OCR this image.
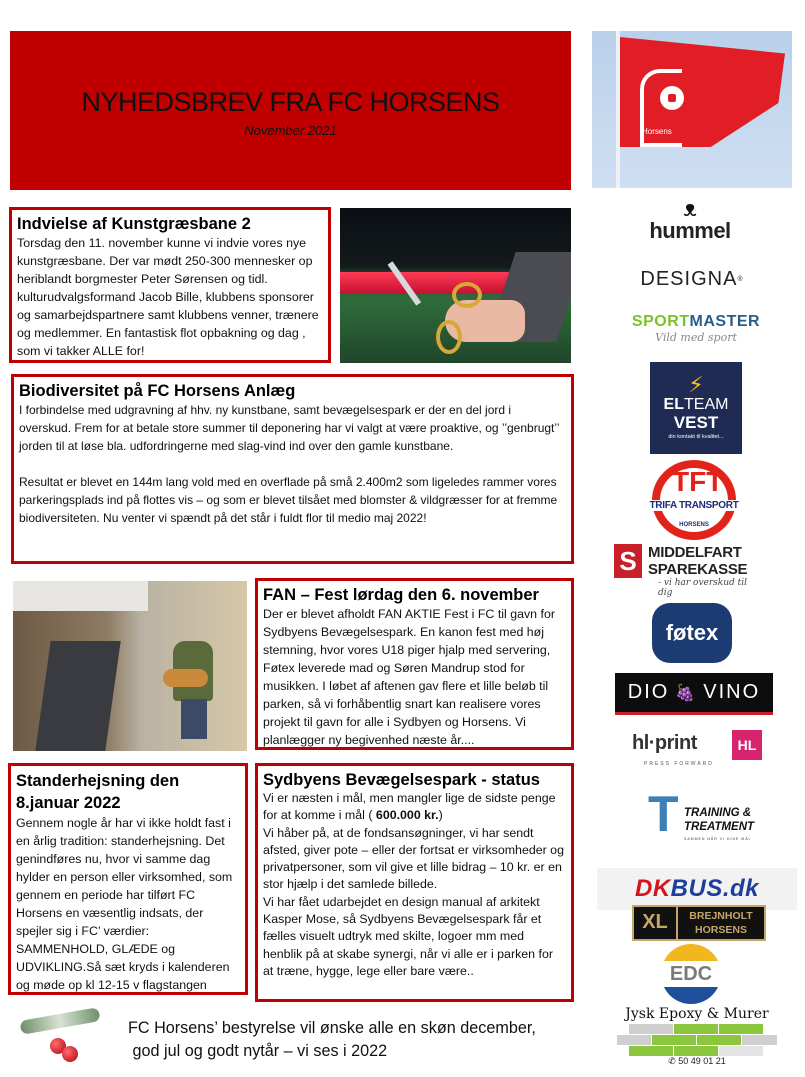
NYHEDSBREV FRA FC HORSENS
November 2021
Indvielse af Kunstgræsbane 2

Torsdag den 11. november kunne vi indvie vores nye kunstgræsbane. Der var mødt 250-300 mennesker op heriblandt borgmester Peter Sørensen og tidl. kulturudvalgsformand Jacob Bille, klubbens sponsorer og samarbejdspartnere samt klubbens venner, trænere og medlemmer. En fantastisk flot opbakning og dag , som vi takker ALLE for!

Biodiversitet på FC Horsens Anlæg

I forbindelse med udgravning af hhv. ny kunstbane, samt bevægelsespark er der en del jord i overskud. Frem for at betale store summer til deponering har vi valgt at være proaktive, og ’’genbrugt’’ jorden til at løse bla. udfordringerne med slag-vind ind over den gamle kunstbane.

Resultat er blevet en 144m lang vold med en overflade på små 2.400m2 som ligeledes rammer vores parkeringsplads ind på flottes vis – og som er blevet tilsået med blomster & vildgræsser for at fremme biodiversiteten. Nu venter vi spændt på det står i fuldt flor til medio maj 2022!

FAN – Fest lørdag den 6. november

Der er blevet afholdt FAN AKTIE Fest i FC til gavn for Sydbyens Bevægelsespark. En kanon fest med høj stemning, hvor vores U18 piger hjalp med servering, Føtex leverede mad og Søren Mandrup stod for musikken. I løbet af aftenen gav flere et lille beløb til parken, så vi forhåbentlig snart kan realisere vores projekt til gavn for alle i Sydbyen og Horsens. Vi planlægger ny begivenhed næste år....

Standerhejsning den 8.januar 2022

Gennem nogle år har vi ikke holdt fast i en årlig tradition: standerhejsning. Det genindføres nu, hvor vi samme dag hylder en person eller virksomhed, som gennem en periode har tilført FC Horsens en væsentlig indsats, der spejler sig i FC’ værdier: SAMMENHOLD, GLÆDE og UDVIKLING.Så sæt kryds i kalenderen og møde op kl 12-15 v flagstangen

Sydbyens Bevægelsespark - status

Vi er næsten i mål, men mangler lige de sidste penge for at komme i mål ( 600.000 kr.)

Vi håber på, at de fondsansøgninger, vi har sendt afsted, giver pote – eller der fortsat er virksomheder og privatpersoner, som vil give et lille bidrag – 10 kr. er en stor hjælp i det samlede billede.

Vi har fået udarbejdet en design manual af arkitekt Kasper Mose, så Sydbyens Bevægelsespark får et fælles visuelt udtryk med skilte, logoer mm med henblik på at skabe synergi, når vi alle er i parken for at træne, hygge, lege eller bare være..

Horsens
ᴥ
hummel
DESIGNA ®
SPORTMASTER
Vild med sport
⚡
ELTEAM
VEST
din kontakt til kvalitet...
TFT
TRIFA TRANSPORT
HORSENS
S MIDDELFART
SPAREKASSE
- vi har overskud til dig
føtex
DIO 🍇 VINO
hl·print	HL
PRESS FORWARD
T TRAINING &
TREATMENT
SAMMEN NÅR VI DINE MÅL
DK BUS.dk
XL	BREJNHOLT
HORSENS
EDC
Jysk Epoxy & Murer
✆ 50 49 01 21
FC Horsens’ bestyrelse vil ønske alle en skøn december,
god jul og godt nytår – vi ses i 2022
